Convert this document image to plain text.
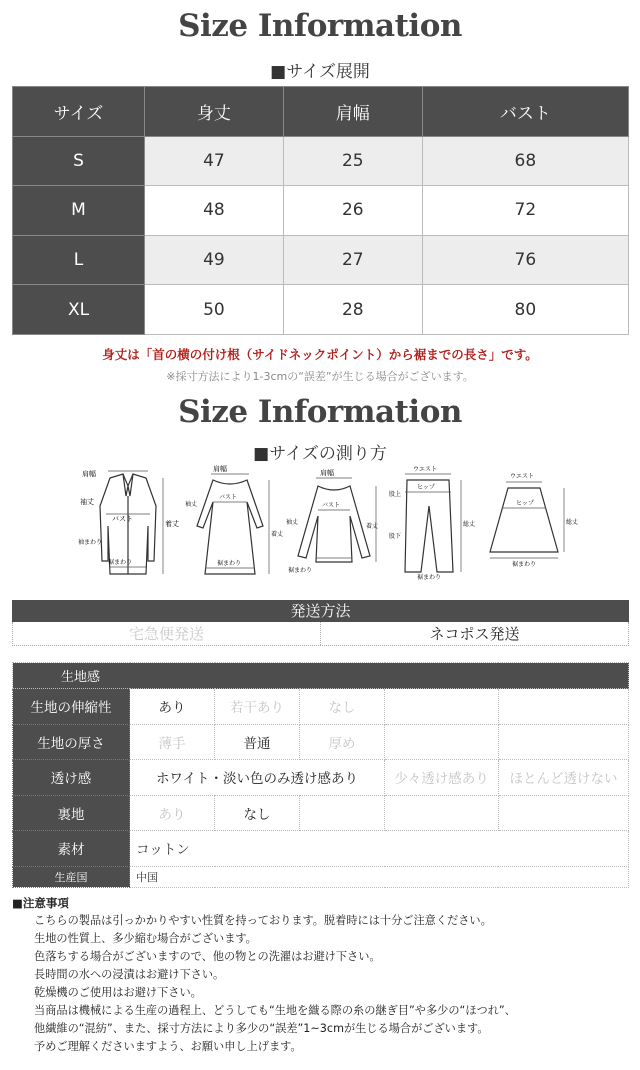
Size Information
■サイズ展開
サイズ	身丈	肩幅	バスト
S	47	25	68
M	48	26	72
L	49	27	76
XL	50	28	80
身丈は「首の横の付け根（サイドネックポイント）から裾までの長さ」です。
※採寸方法により1-3cmの“誤差”が生じる場合がございます。
Size Information
■サイズの測り方
肩幅
袖丈
バスト
着丈
裾まわり
袖まわり
肩幅
バスト
袖丈
着丈
裾まわり
肩幅
バスト
袖丈
着丈
裾まわり
ウエスト
ヒップ
股上
股下
総丈
裾まわり
ウエスト
ヒップ
総丈
裾まわり
発送方法
宅急便発送	ネコポス発送
生地感					
生地の伸縮性	あり	若干あり	なし		
生地の厚さ	薄手	普通	厚め		
透け感	ホワイト・淡い色のみ透け感あり			少々透け感あり	ほとんど透けない
裏地	あり	なし			
素材	コットン				
生産国	中国				
■注意事項

こちらの製品は引っかかりやすい性質を持っております。脱着時には十分ご注意ください。

生地の性質上、多少縮む場合がございます。

色落ちする場合がございますので、他の物との洗濯はお避け下さい。

長時間の水への浸漬はお避け下さい。

乾燥機のご使用はお避け下さい。

当商品は機械による生産の過程上、どうしても“生地を織る際の糸の継ぎ目”や多少の“ほつれ”、

他繊維の“混紡”、また、採寸方法により多少の“誤差”1~3cmが生じる場合がございます。

予めご理解くださいますよう、お願い申し上げます。
